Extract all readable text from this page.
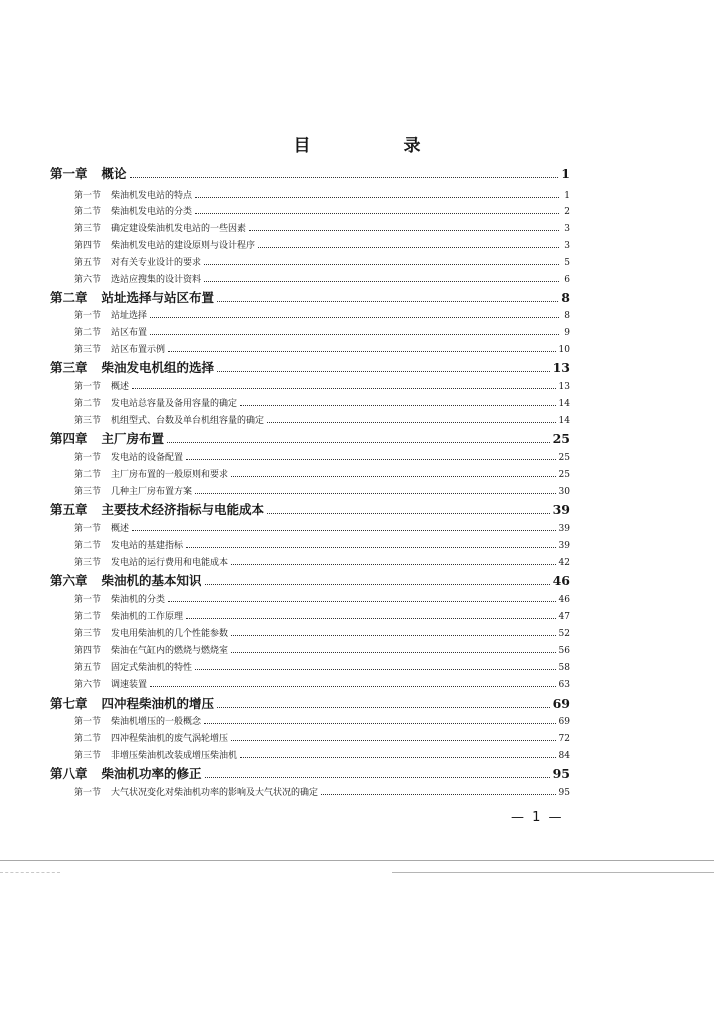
目　录
第一章 概论	1
第一节 柴油机发电站的特点	1
第二节 柴油机发电站的分类	2
第三节 确定建设柴油机发电站的一些因素	3
第四节 柴油机发电站的建设原则与设计程序	3
第五节 对有关专业设计的要求	5
第六节 选站应搜集的设计资料	6
第二章 站址选择与站区布置	8
第一节 站址选择	8
第二节 站区布置	9
第三节 站区布置示例	10
第三章 柴油发电机组的选择	13
第一节 概述	13
第二节 发电站总容量及备用容量的确定	14
第三节 机组型式、台数及单台机组容量的确定	14
第四章 主厂房布置	25
第一节 发电站的设备配置	25
第二节 主厂房布置的一般原则和要求	25
第三节 几种主厂房布置方案	30
第五章 主要技术经济指标与电能成本	39
第一节 概述	39
第二节 发电站的基建指标	39
第三节 发电站的运行费用和电能成本	42
第六章 柴油机的基本知识	46
第一节 柴油机的分类	46
第二节 柴油机的工作原理	47
第三节 发电用柴油机的几个性能参数	52
第四节 柴油在气缸内的燃烧与燃烧室	56
第五节 固定式柴油机的特性	58
第六节 调速装置	63
第七章 四冲程柴油机的增压	69
第一节 柴油机增压的一般概念	69
第二节 四冲程柴油机的废气涡轮增压	72
第三节 非增压柴油机改装成增压柴油机	84
第八章 柴油机功率的修正	95
第一节 大气状况变化对柴油机功率的影响及大气状况的确定	95
— 1 —
